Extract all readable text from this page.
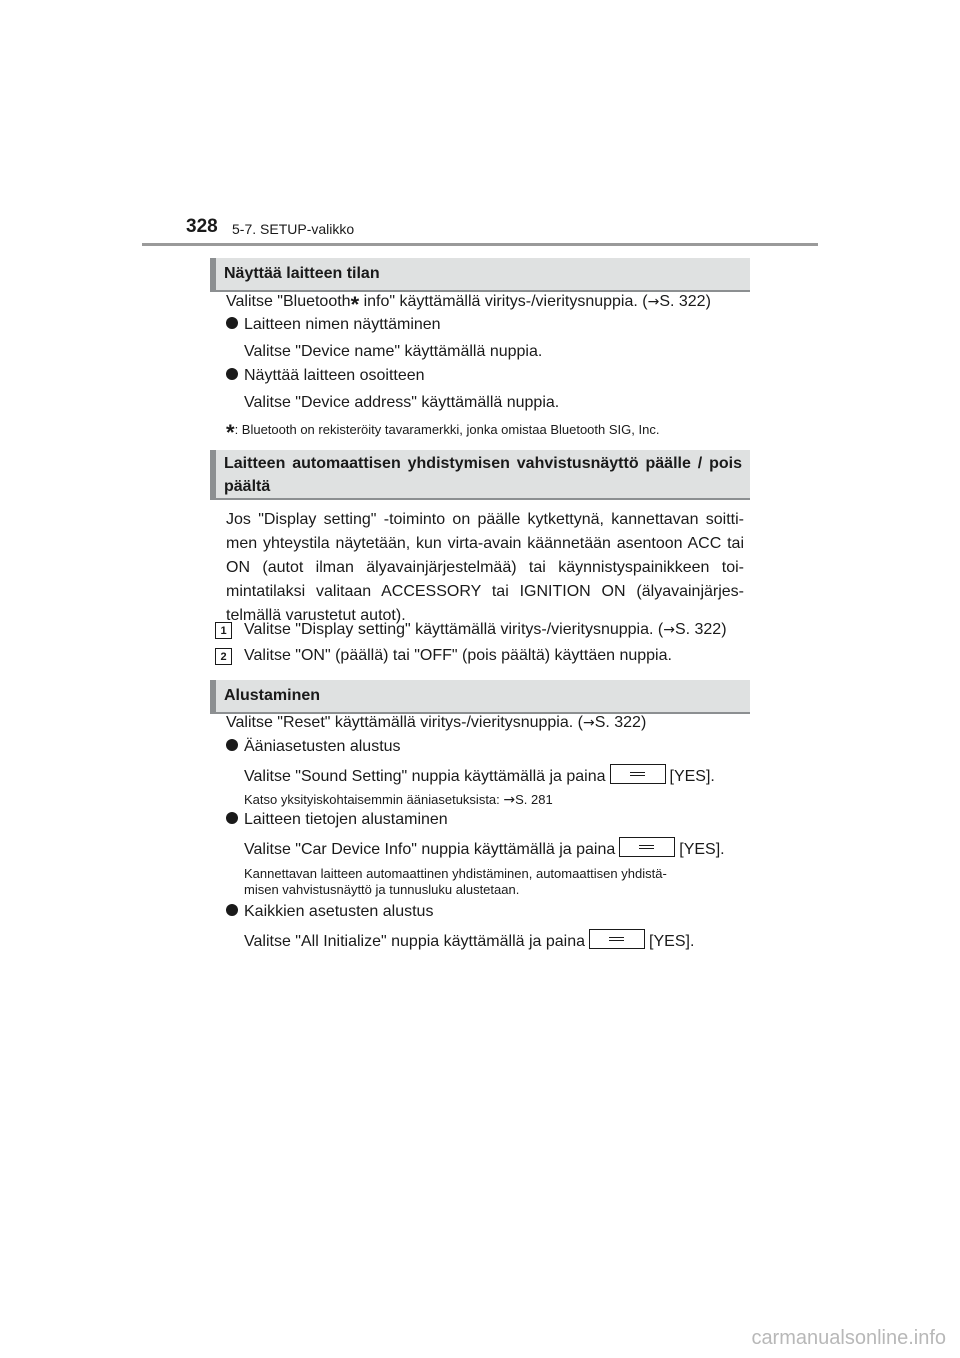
328 5-7. SETUP-valikko
Näyttää laitteen tilan
Valitse "Bluetooth* info" käyttämällä viritys-/vieritysnuppia. (→S. 322)
Laitteen nimen näyttäminen
Valitse "Device name" käyttämällä nuppia.
Näyttää laitteen osoitteen
Valitse "Device address" käyttämällä nuppia.
*: Bluetooth on rekisteröity tavaramerkki, jonka omistaa Bluetooth SIG, Inc.
Laitteen automaattisen yhdistymisen vahvistusnäyttö päälle / pois päältä
Jos "Display setting" -toiminto on päälle kytkettynä, kannettavan soitti-men yhteystila näytetään, kun virta-avain käännetään asentoon ACC tai ON (autot ilman älyavainjärjestelmää) tai käynnistyspainikkeen toi-mintatilaksi valitaan ACCESSORY tai IGNITION ON (älyavainjärjes-telmällä varustetut autot).
1	Valitse "Display setting" käyttämällä viritys-/vieritysnuppia. (→S. 322)
2	Valitse "ON" (päällä) tai "OFF" (pois päältä) käyttäen nuppia.
Alustaminen
Valitse "Reset" käyttämällä viritys-/vieritysnuppia. (→S. 322)
Ääniasetusten alustus
Valitse "Sound Setting" nuppia käyttämällä ja paina	[YES].
Katso yksityiskohtaisemmin ääniasetuksista: →S. 281
Laitteen tietojen alustaminen
Valitse "Car Device Info" nuppia käyttämällä ja paina	[YES].
Kannettavan laitteen automaattinen yhdistäminen, automaattisen yhdistä-
misen vahvistusnäyttö ja tunnusluku alustetaan.
Kaikkien asetusten alustus
Valitse "All Initialize" nuppia käyttämällä ja paina	[YES].
carmanualsonline.info
